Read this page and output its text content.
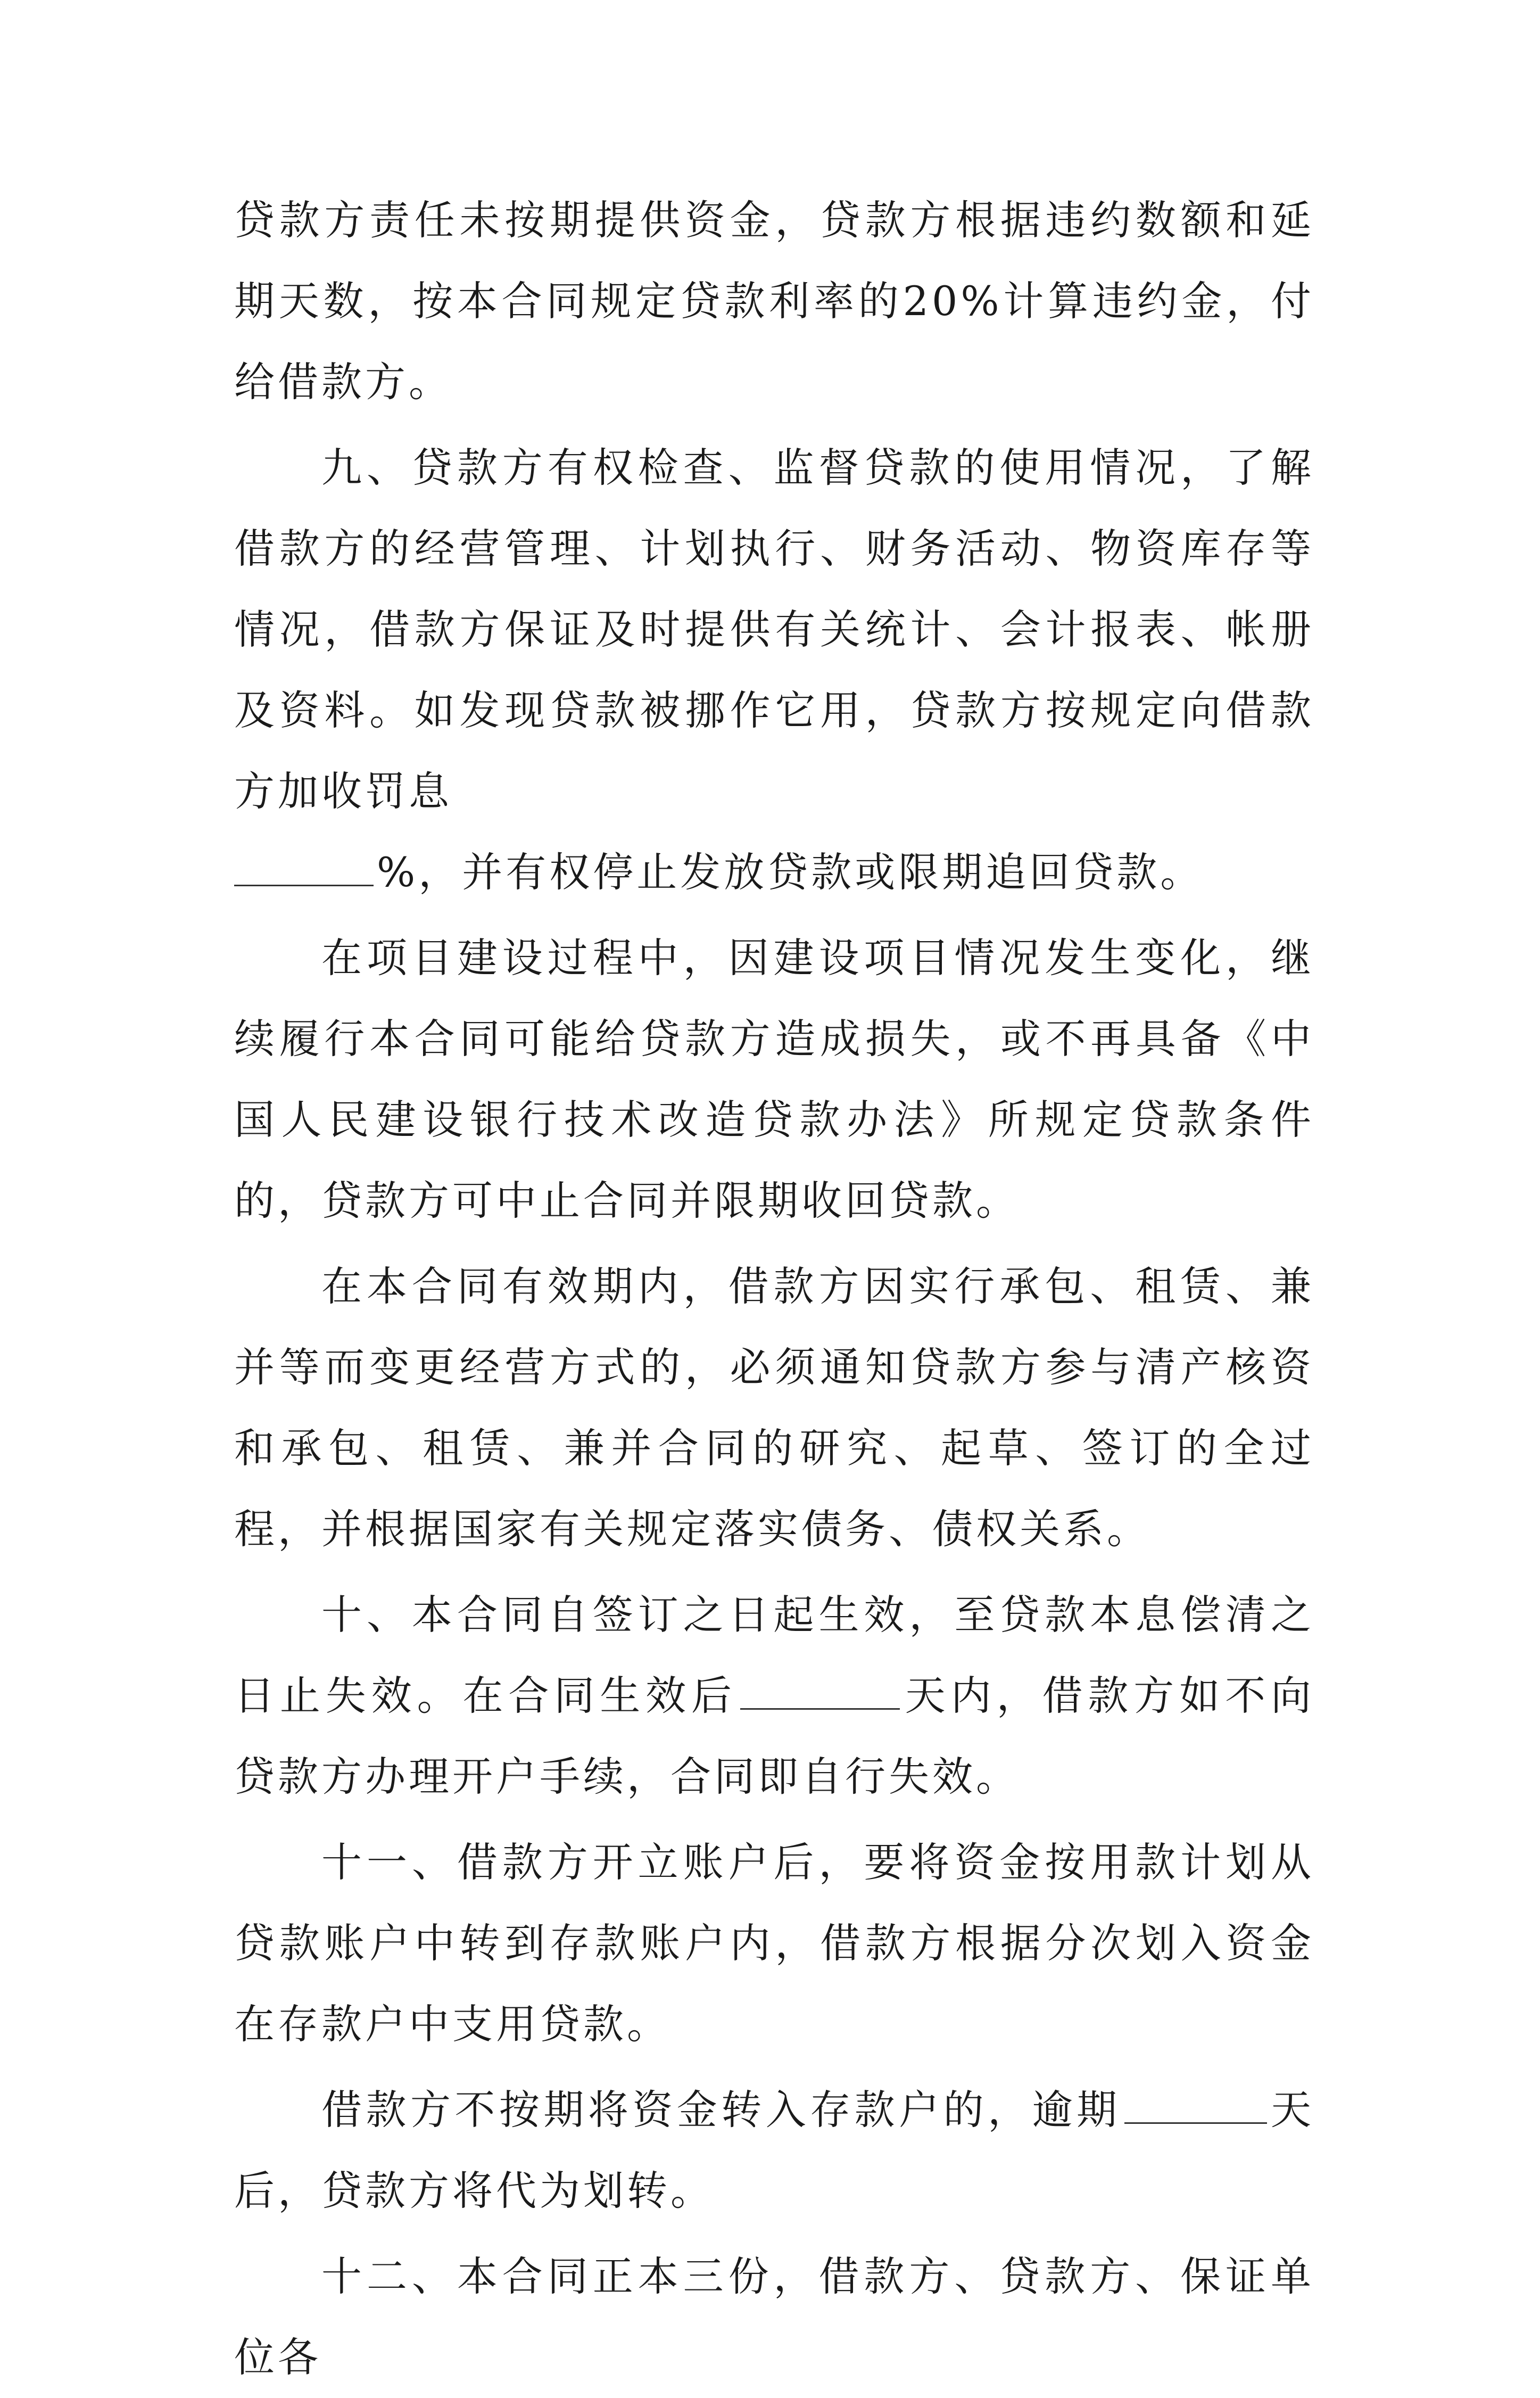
贷款方责任未按期提供资金，贷款方根据违约数额和延期天数，按本合同规定贷款利率的20%计算违约金，付给借款方。

九、贷款方有权检查、监督贷款的使用情况，了解借款方的经营管理、计划执行、财务活动、物资库存等情况，借款方保证及时提供有关统计、会计报表、帐册及资料。如发现贷款被挪作它用，贷款方按规定向借款方加收罚息
%，并有权停止发放贷款或限期追回贷款。

在项目建设过程中，因建设项目情况发生变化，继续履行本合同可能给贷款方造成损失，或不再具备《中国人民建设银行技术改造贷款办法》所规定贷款条件的，贷款方可中止合同并限期收回贷款。

在本合同有效期内，借款方因实行承包、租赁、兼并等而变更经营方式的，必须通知贷款方参与清产核资和承包、租赁、兼并合同的研究、起草、签订的全过程，并根据国家有关规定落实债务、债权关系。

十、本合同自签订之日起生效，至贷款本息偿清之日止失效。在合同生效后	天内，借款方如不向贷款方办理开户手续，合同即自行失效。

十一、借款方开立账户后，要将资金按用款计划从贷款账户中转到存款账户内，借款方根据分次划入资金在存款户中支用贷款。

借款方不按期将资金转入存款户的，逾期	天后，贷款方将代为划转。

十二、本合同正本三份，借款方、贷款方、保证单位各
